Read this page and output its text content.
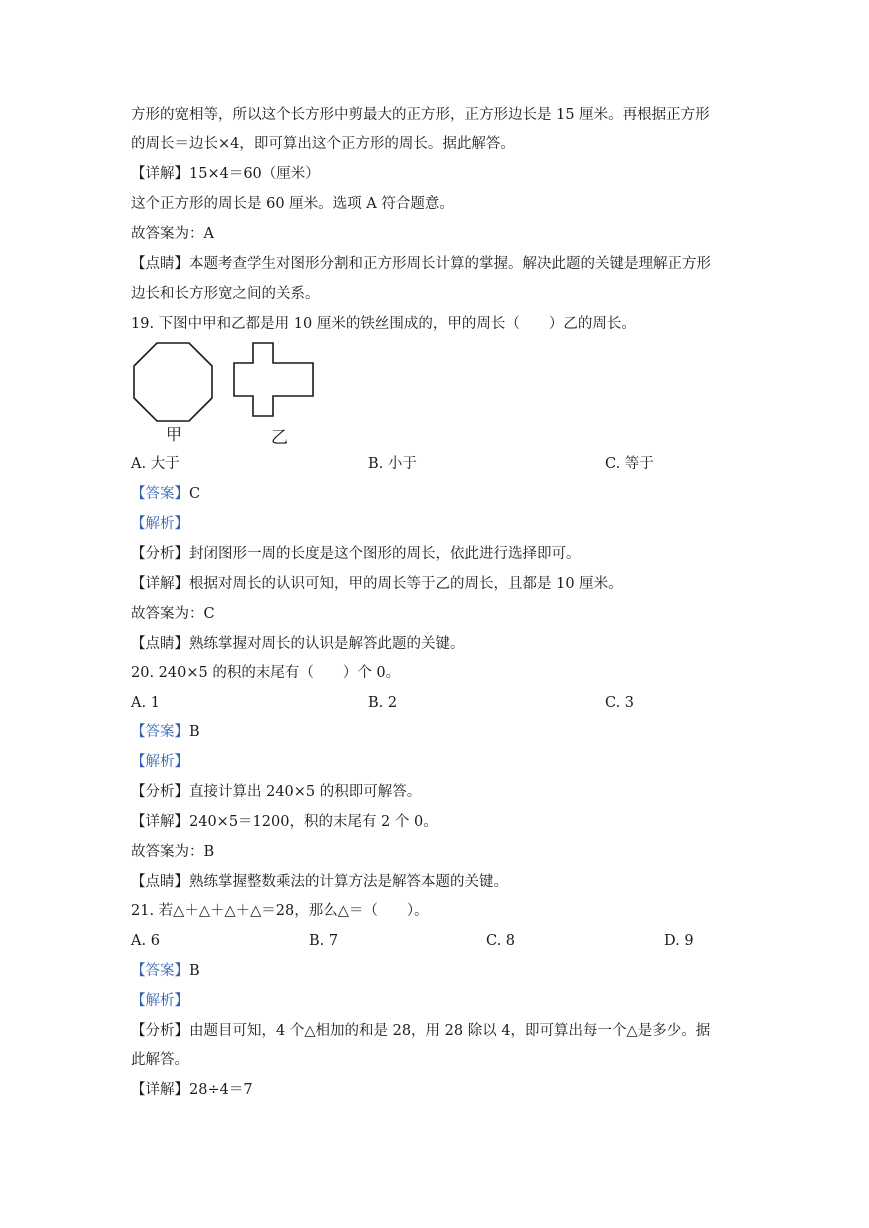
方形的宽相等，所以这个长方形中剪最大的正方形，正方形边长是 15 厘米。再根据正方形
的周长＝边长×4，即可算出这个正方形的周长。据此解答。
【详解】15×4＝60（厘米）
这个正方形的周长是 60 厘米。选项 A 符合题意。
故答案为：A
【点睛】本题考查学生对图形分割和正方形周长计算的掌握。解决此题的关键是理解正方形
边长和长方形宽之间的关系。
19. 下图中甲和乙都是用 10 厘米的铁丝围成的，甲的周长（　　）乙的周长。
甲	乙
A. 大于	B. 小于	C. 等于
【答案】C
【解析】
【分析】封闭图形一周的长度是这个图形的周长，依此进行选择即可。
【详解】根据对周长的认识可知，甲的周长等于乙的周长，且都是 10 厘米。
故答案为：C
【点睛】熟练掌握对周长的认识是解答此题的关键。
20. 240×5 的积的末尾有（　　）个 0。
A. 1	B. 2	C. 3
【答案】B
【解析】
【分析】直接计算出 240×5 的积即可解答。
【详解】240×5＝1200，积的末尾有 2 个 0。
故答案为：B
【点睛】熟练掌握整数乘法的计算方法是解答本题的关键。
21. 若△＋△＋△＋△＝28，那么△＝（　　）。
A. 6	B. 7	C. 8	D. 9
【答案】B
【解析】
【分析】由题目可知，4 个△相加的和是 28，用 28 除以 4，即可算出每一个△是多少。据
此解答。
【详解】28÷4＝7
